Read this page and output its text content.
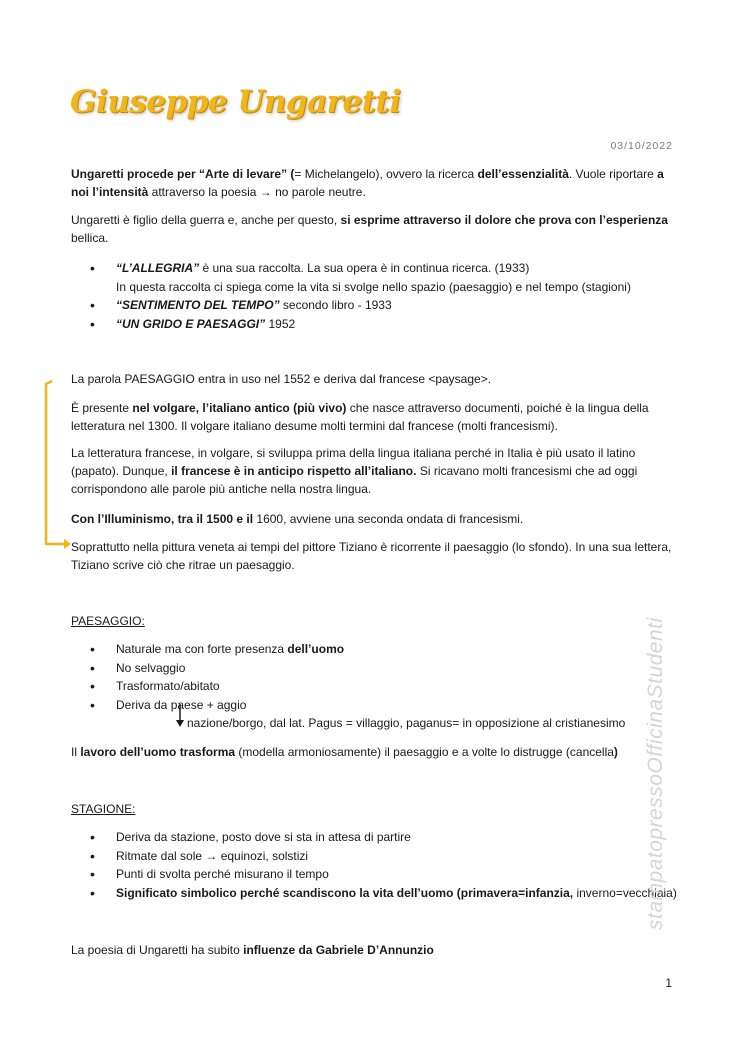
Giuseppe Ungaretti
03/10/2022
Ungaretti procede per “Arte di levare” (= Michelangelo), ovvero la ricerca dell’essenzialità. Vuole riportare a noi l’intensità attraverso la poesia → no parole neutre.
Ungaretti è figlio della guerra e, anche per questo, si esprime attraverso il dolore che prova con l’esperienza bellica.
• “L’ALLEGRIA” è una sua raccolta. La sua opera è in continua ricerca. (1933)
In questa raccolta ci spiega come la vita si svolge nello spazio (paesaggio) e nel tempo (stagioni)
• “SENTIMENTO DEL TEMPO” secondo libro - 1933
• “UN GRIDO E PAESAGGI” 1952
La parola PAESAGGIO entra in uso nel 1552 e deriva dal francese <paysage>.
È presente nel volgare, l’italiano antico (più vivo) che nasce attraverso documenti, poiché è la lingua della letteratura nel 1300. Il volgare italiano desume molti termini dal francese (molti francesismi).
La letteratura francese, in volgare, si sviluppa prima della lingua italiana perché in Italia è più usato il latino (papato). Dunque, il francese è in anticipo rispetto all’italiano. Si ricavano molti francesismi che ad oggi corrispondono alle parole più antiche nella nostra lingua.
Con l’Illuminismo, tra il 1500 e il 1600, avviene una seconda ondata di francesismi.
Soprattutto nella pittura veneta ai tempi del pittore Tiziano è ricorrente il paesaggio (lo sfondo). In una sua lettera, Tiziano scrive ciò che ritrae un paesaggio.
PAESAGGIO:
• Naturale ma con forte presenza dell’uomo
• No selvaggio
• Trasformato/abitato
• Deriva da paese + aggio
nazione/borgo, dal lat. Pagus = villaggio, paganus= in opposizione al cristianesimo
Il lavoro dell’uomo trasforma (modella armoniosamente) il paesaggio e a volte lo distrugge (cancella)
STAGIONE:
• Deriva da stazione, posto dove si sta in attesa di partire
• Ritmate dal sole → equinozi, solstizi
• Punti di svolta perché misurano il tempo
• Significato simbolico perché scandiscono la vita dell’uomo (primavera=infanzia, inverno=vecchiaia)
La poesia di Ungaretti ha subito influenze da Gabriele D’Annunzio
stampatopressoOfficinaStudenti
1
